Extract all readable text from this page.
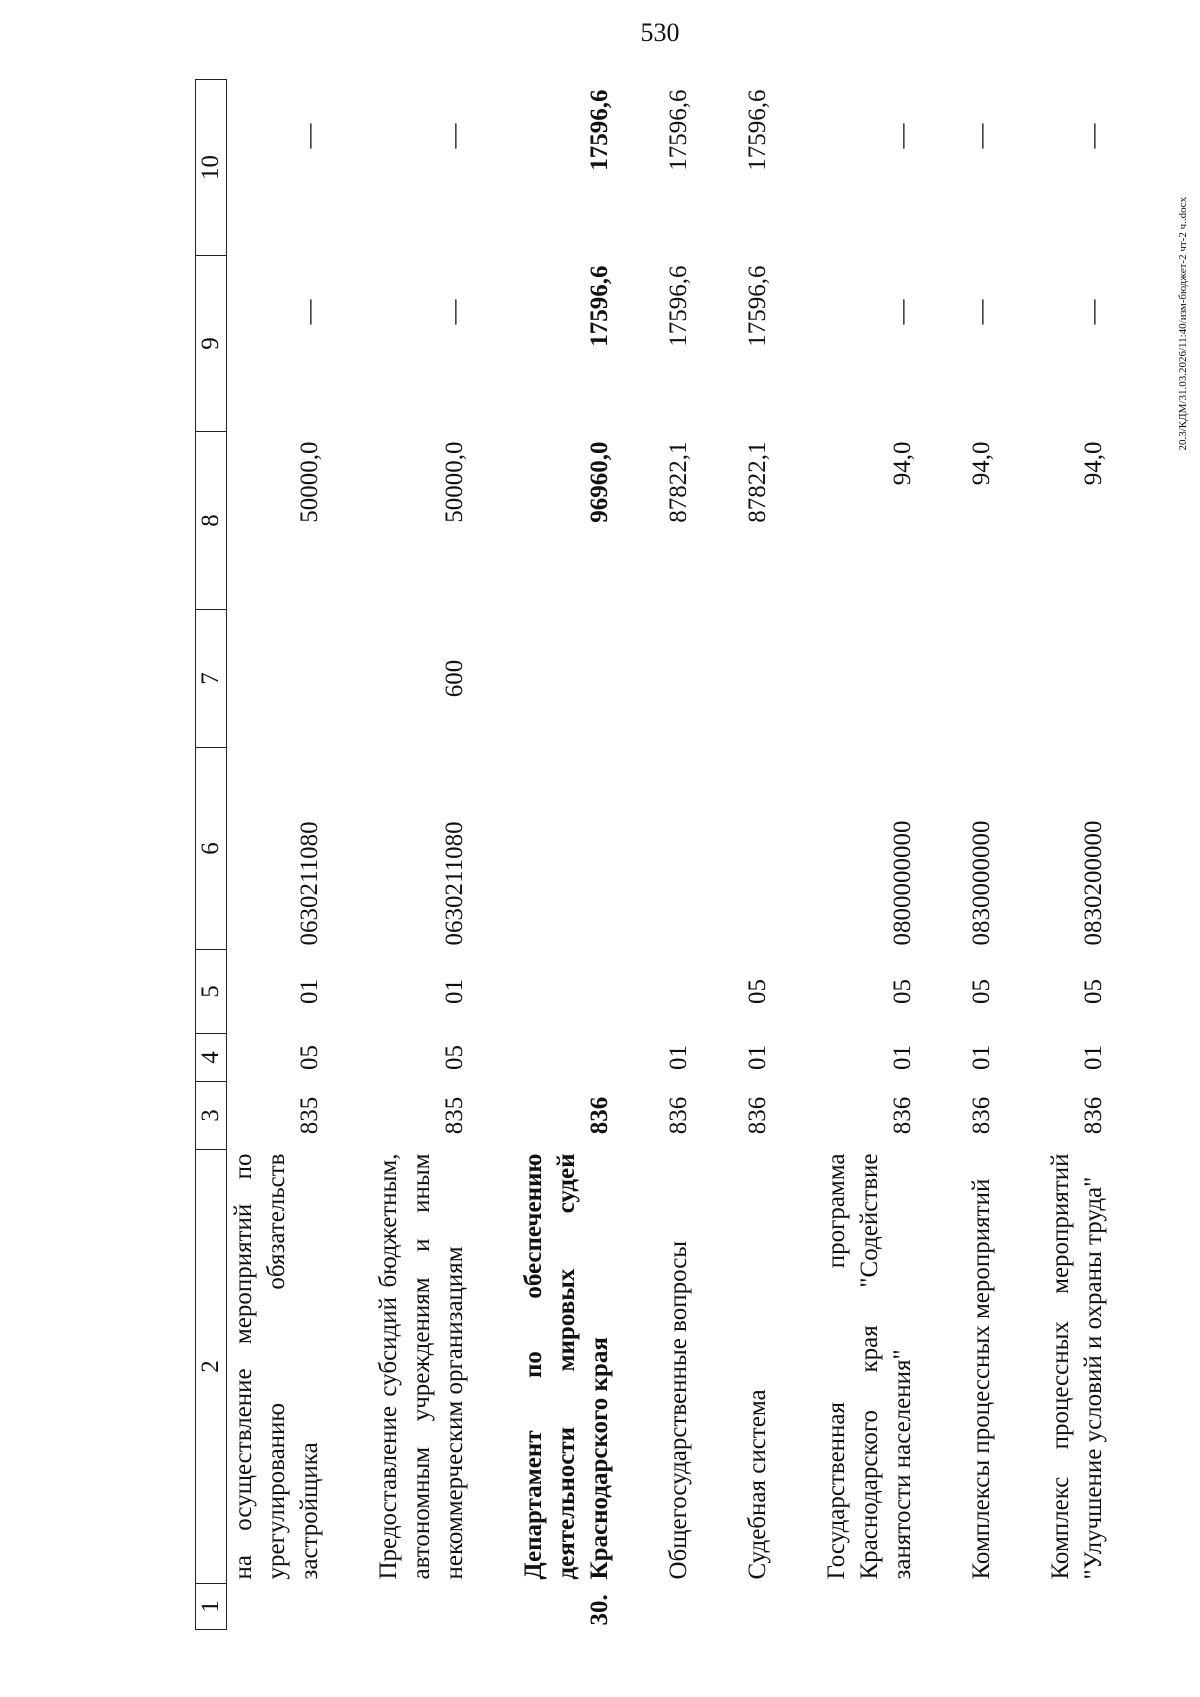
530
1	2	3	4	5	6	7	8	9	10
	на осуществление мероприятий по урегулированию обязательств застройщика	835	05	01	0630211080		50000,0	—	—

	Предоставление субсидий бюджетным, автономным учреждениям и иным некоммерческим организациям	835	05	01	0630211080	600	50000,0	—	—

30.	Департамент по обеспечению деятельности мировых судей Краснодарского края	836					96960,0	17596,6	17596,6

	Общегосударственные вопросы	836	01				87822,1	17596,6	17596,6

	Судебная система	836	01	05			87822,1	17596,6	17596,6

	Государственная программа Краснодарского края "Содействие занятости населения"	836	01	05	0800000000		94,0	—	—

	Комплексы процессных мероприятий	836	01	05	0830000000		94,0	—	—

	Комплекс процессных мероприятий "Улучшение условий и охраны труда"	836	01	05	0830200000		94,0	—	—
20.3/КДМ/31.03.2026/11:40/изм-бюджет-2 чт-2 ч..docx
